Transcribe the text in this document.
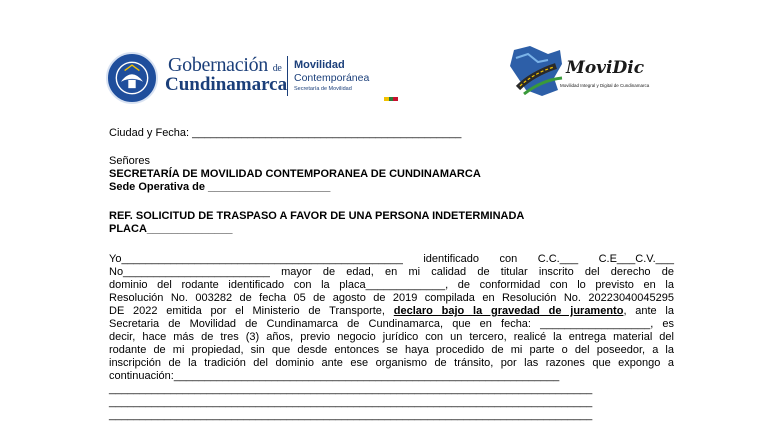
Gobernación de
Cundinamarca
Movilidad
Contemporánea
Secretaría de Movilidad
MoviDic
Movilidad Integral y Digital de Cundinamarca
Ciudad y Fecha: ____________________________________________
Señores
SECRETARÍA DE MOVILIDAD CONTEMPORANEA DE CUNDINAMARCA
Sede Operativa de ____________________
REF. SOLICITUD DE TRASPASO A FAVOR DE UNA PERSONA INDETERMINADA
PLACA______________
Yo______________________________________________ identificado con C.C.___ C.E___C.V.___
No________________________ mayor de edad, en mi calidad de titular inscrito del derecho de
dominio del rodante identificado con la placa_____________, de conformidad con lo previsto en la
Resolución No. 003282 de fecha 05 de agosto de 2019 compilada en Resolución No. 20223040045295
DE 2022 emitida por el Ministerio de Transporte, declaro bajo la gravedad de juramento, ante la
Secretaria de Movilidad de Cundinamarca de Cundinamarca, que en fecha: __________________, es
decir, hace más de tres (3) años, previo negocio jurídico con un tercero, realicé la entrega material del
rodante de mi propiedad, sin que desde entonces se haya procedido de mi parte o del poseedor, a la
inscripción de la tradición del dominio ante ese organismo de tránsito, por las razones que expongo a
continuación:_______________________________________________________________
_______________________________________________________________________________
_______________________________________________________________________________
_______________________________________________________________________________
